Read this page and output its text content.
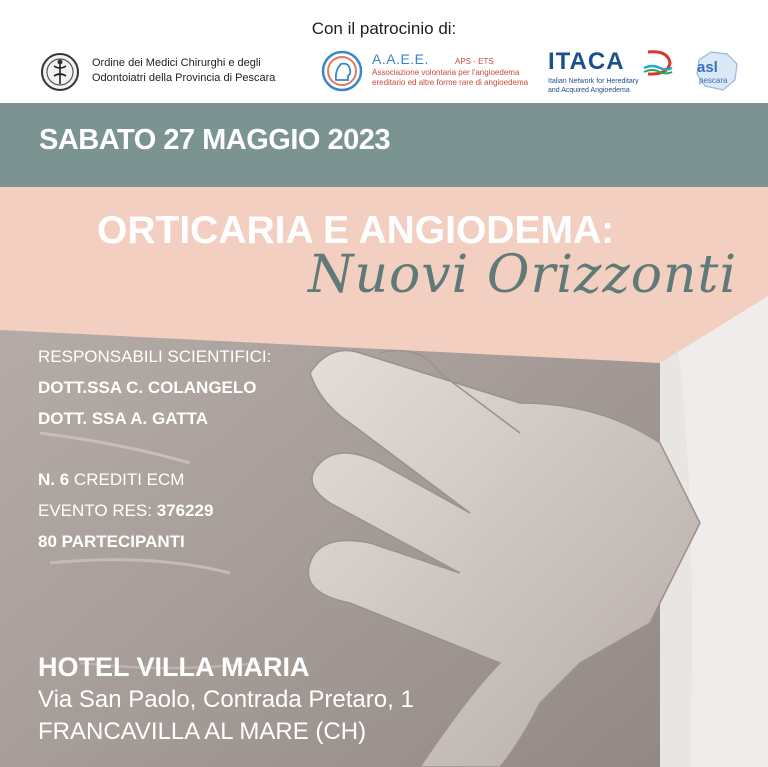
Con il patrocinio di:
Ordine dei Medici Chirurghi e degli
Odontoiatri della Provincia di Pescara
A.A.E.E.	APS - ETS
Associazione volontaria per l'angioedema
ereditario ed altre forme rare di angioedema
ITACA
Italian Network for Hereditary
and Acquired Angioedema
asl
pescara
SABATO 27 MAGGIO 2023
ORTICARIA E ANGIODEMA:
Nuovi Orizzonti
RESPONSABILI SCIENTIFICI:
DOTT.SSA C. COLANGELO
DOTT. SSA A. GATTA
N. 6 CREDITI ECM
EVENTO RES: 376229
80 PARTECIPANTI
HOTEL VILLA MARIA
Via San Paolo, Contrada Pretaro, 1
FRANCAVILLA AL MARE (CH)
